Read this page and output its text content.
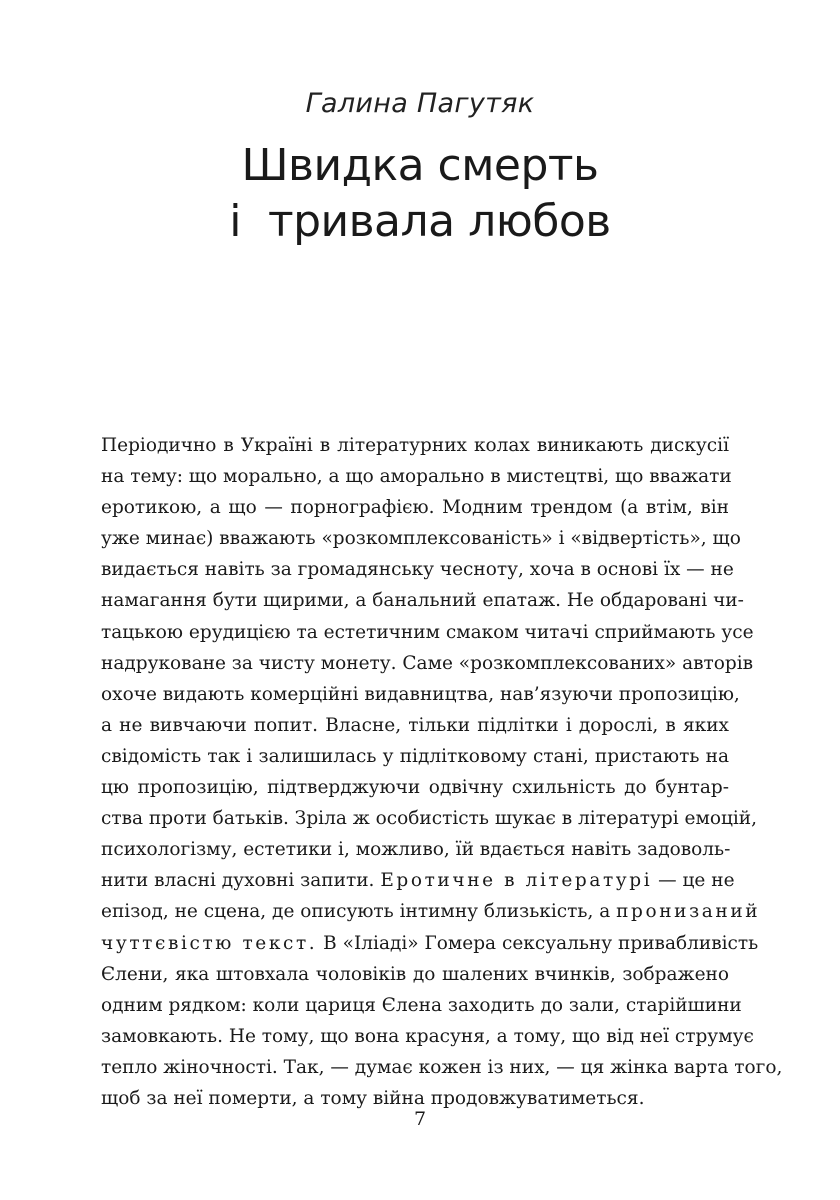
Галина Пагутяк
Швидка смерть
і  тривала любов
Періодично в Україні в літературних колах виникають дискусії
на тему: що морально, а що аморально в мистецтві, що вважати
еротикою, а що — порнографією. Модним трендом (а втім, він
уже минає) вважають «розкомплексованість» і «відвертість», що
видається навіть за громадянську чесноту, хоча в основі їх — не
намагання бути щирими, а банальний епатаж. Не обдаровані чи-
тацькою ерудицією та естетичним смаком читачі сприймають усе
надруковане за чисту монету. Саме «розкомплексованих» авторів
охоче видають комерційні видавництва, нав’язуючи пропозицію,
а не вивчаючи попит. Власне, тільки підлітки і дорослі, в яких
свідомість так і залишилась у підлітковому стані, пристають на
цю пропозицію, підтверджуючи одвічну схильність до бунтар-
ства проти батьків. Зріла ж особистість шукає в літературі емоцій,
психологізму, естетики і, можливо, їй вдається навіть задоволь-
нити власні духовні запити. Еротичне в літературі — це не
епізод, не сцена, де описують інтимну близькість, а пронизаний
чуттєвістю текст. В «Іліаді» Гомера сексуальну привабливість
Єлени, яка штовхала чоловіків до шалених вчинків, зображено
одним рядком: коли цариця Єлена заходить до зали, старійшини
замовкають. Не тому, що вона красуня, а тому, що від неї струмує
тепло жіночності. Так, — думає кожен із них, — ця жінка варта того,
щоб за неї померти, а тому війна продовжуватиметься.
7
